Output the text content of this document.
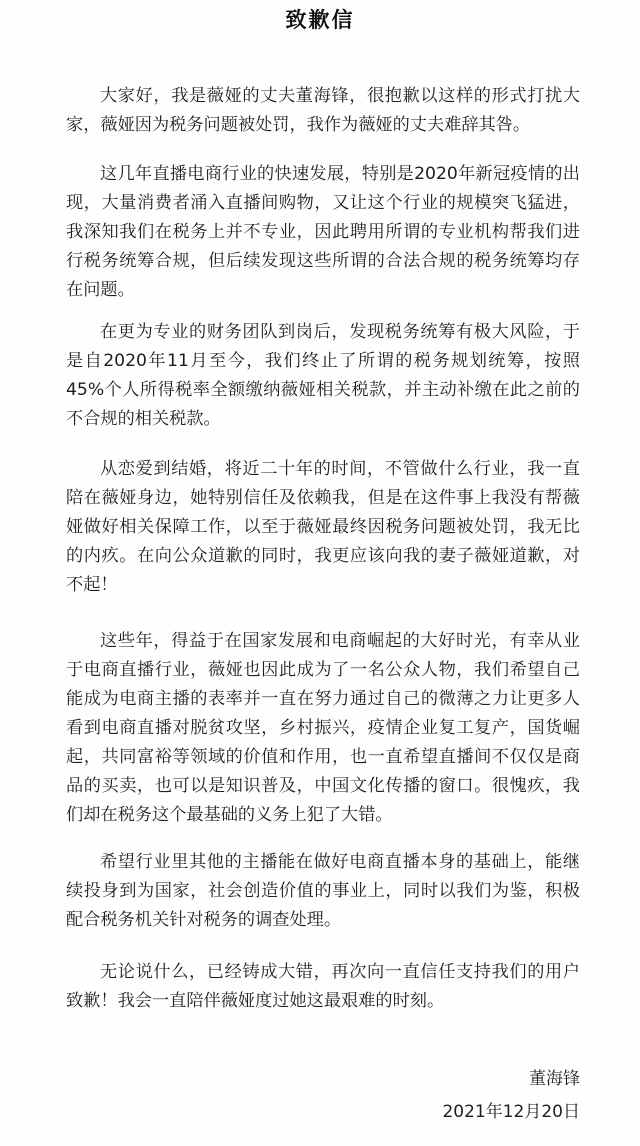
致歉信

大家好，我是薇娅的丈夫董海锋，很抱歉以这样的形式打扰大家，薇娅因为税务问题被处罚，我作为薇娅的丈夫难辞其咎。

这几年直播电商行业的快速发展，特别是2020年新冠疫情的出现，大量消费者涌入直播间购物，又让这个行业的规模突飞猛进，我深知我们在税务上并不专业，因此聘用所谓的专业机构帮我们进行税务统筹合规，但后续发现这些所谓的合法合规的税务统筹均存在问题。

在更为专业的财务团队到岗后，发现税务统筹有极大风险，于是自2020年11月至今，我们终止了所谓的税务规划统筹，按照45%个人所得税率全额缴纳薇娅相关税款，并主动补缴在此之前的不合规的相关税款。

从恋爱到结婚，将近二十年的时间，不管做什么行业，我一直陪在薇娅身边，她特别信任及依赖我，但是在这件事上我没有帮薇娅做好相关保障工作，以至于薇娅最终因税务问题被处罚，我无比的内疚。在向公众道歉的同时，我更应该向我的妻子薇娅道歉，对不起！

这些年，得益于在国家发展和电商崛起的大好时光，有幸从业于电商直播行业，薇娅也因此成为了一名公众人物，我们希望自己能成为电商主播的表率并一直在努力通过自己的微薄之力让更多人看到电商直播对脱贫攻坚，乡村振兴，疫情企业复工复产，国货崛起，共同富裕等领域的价值和作用，也一直希望直播间不仅仅是商品的买卖，也可以是知识普及，中国文化传播的窗口。很愧疚，我们却在税务这个最基础的义务上犯了大错。

希望行业里其他的主播能在做好电商直播本身的基础上，能继续投身到为国家，社会创造价值的事业上，同时以我们为鉴，积极配合税务机关针对税务的调查处理。

无论说什么，已经铸成大错，再次向一直信任支持我们的用户致歉！我会一直陪伴薇娅度过她这最艰难的时刻。

董海锋
2021年12月20日
